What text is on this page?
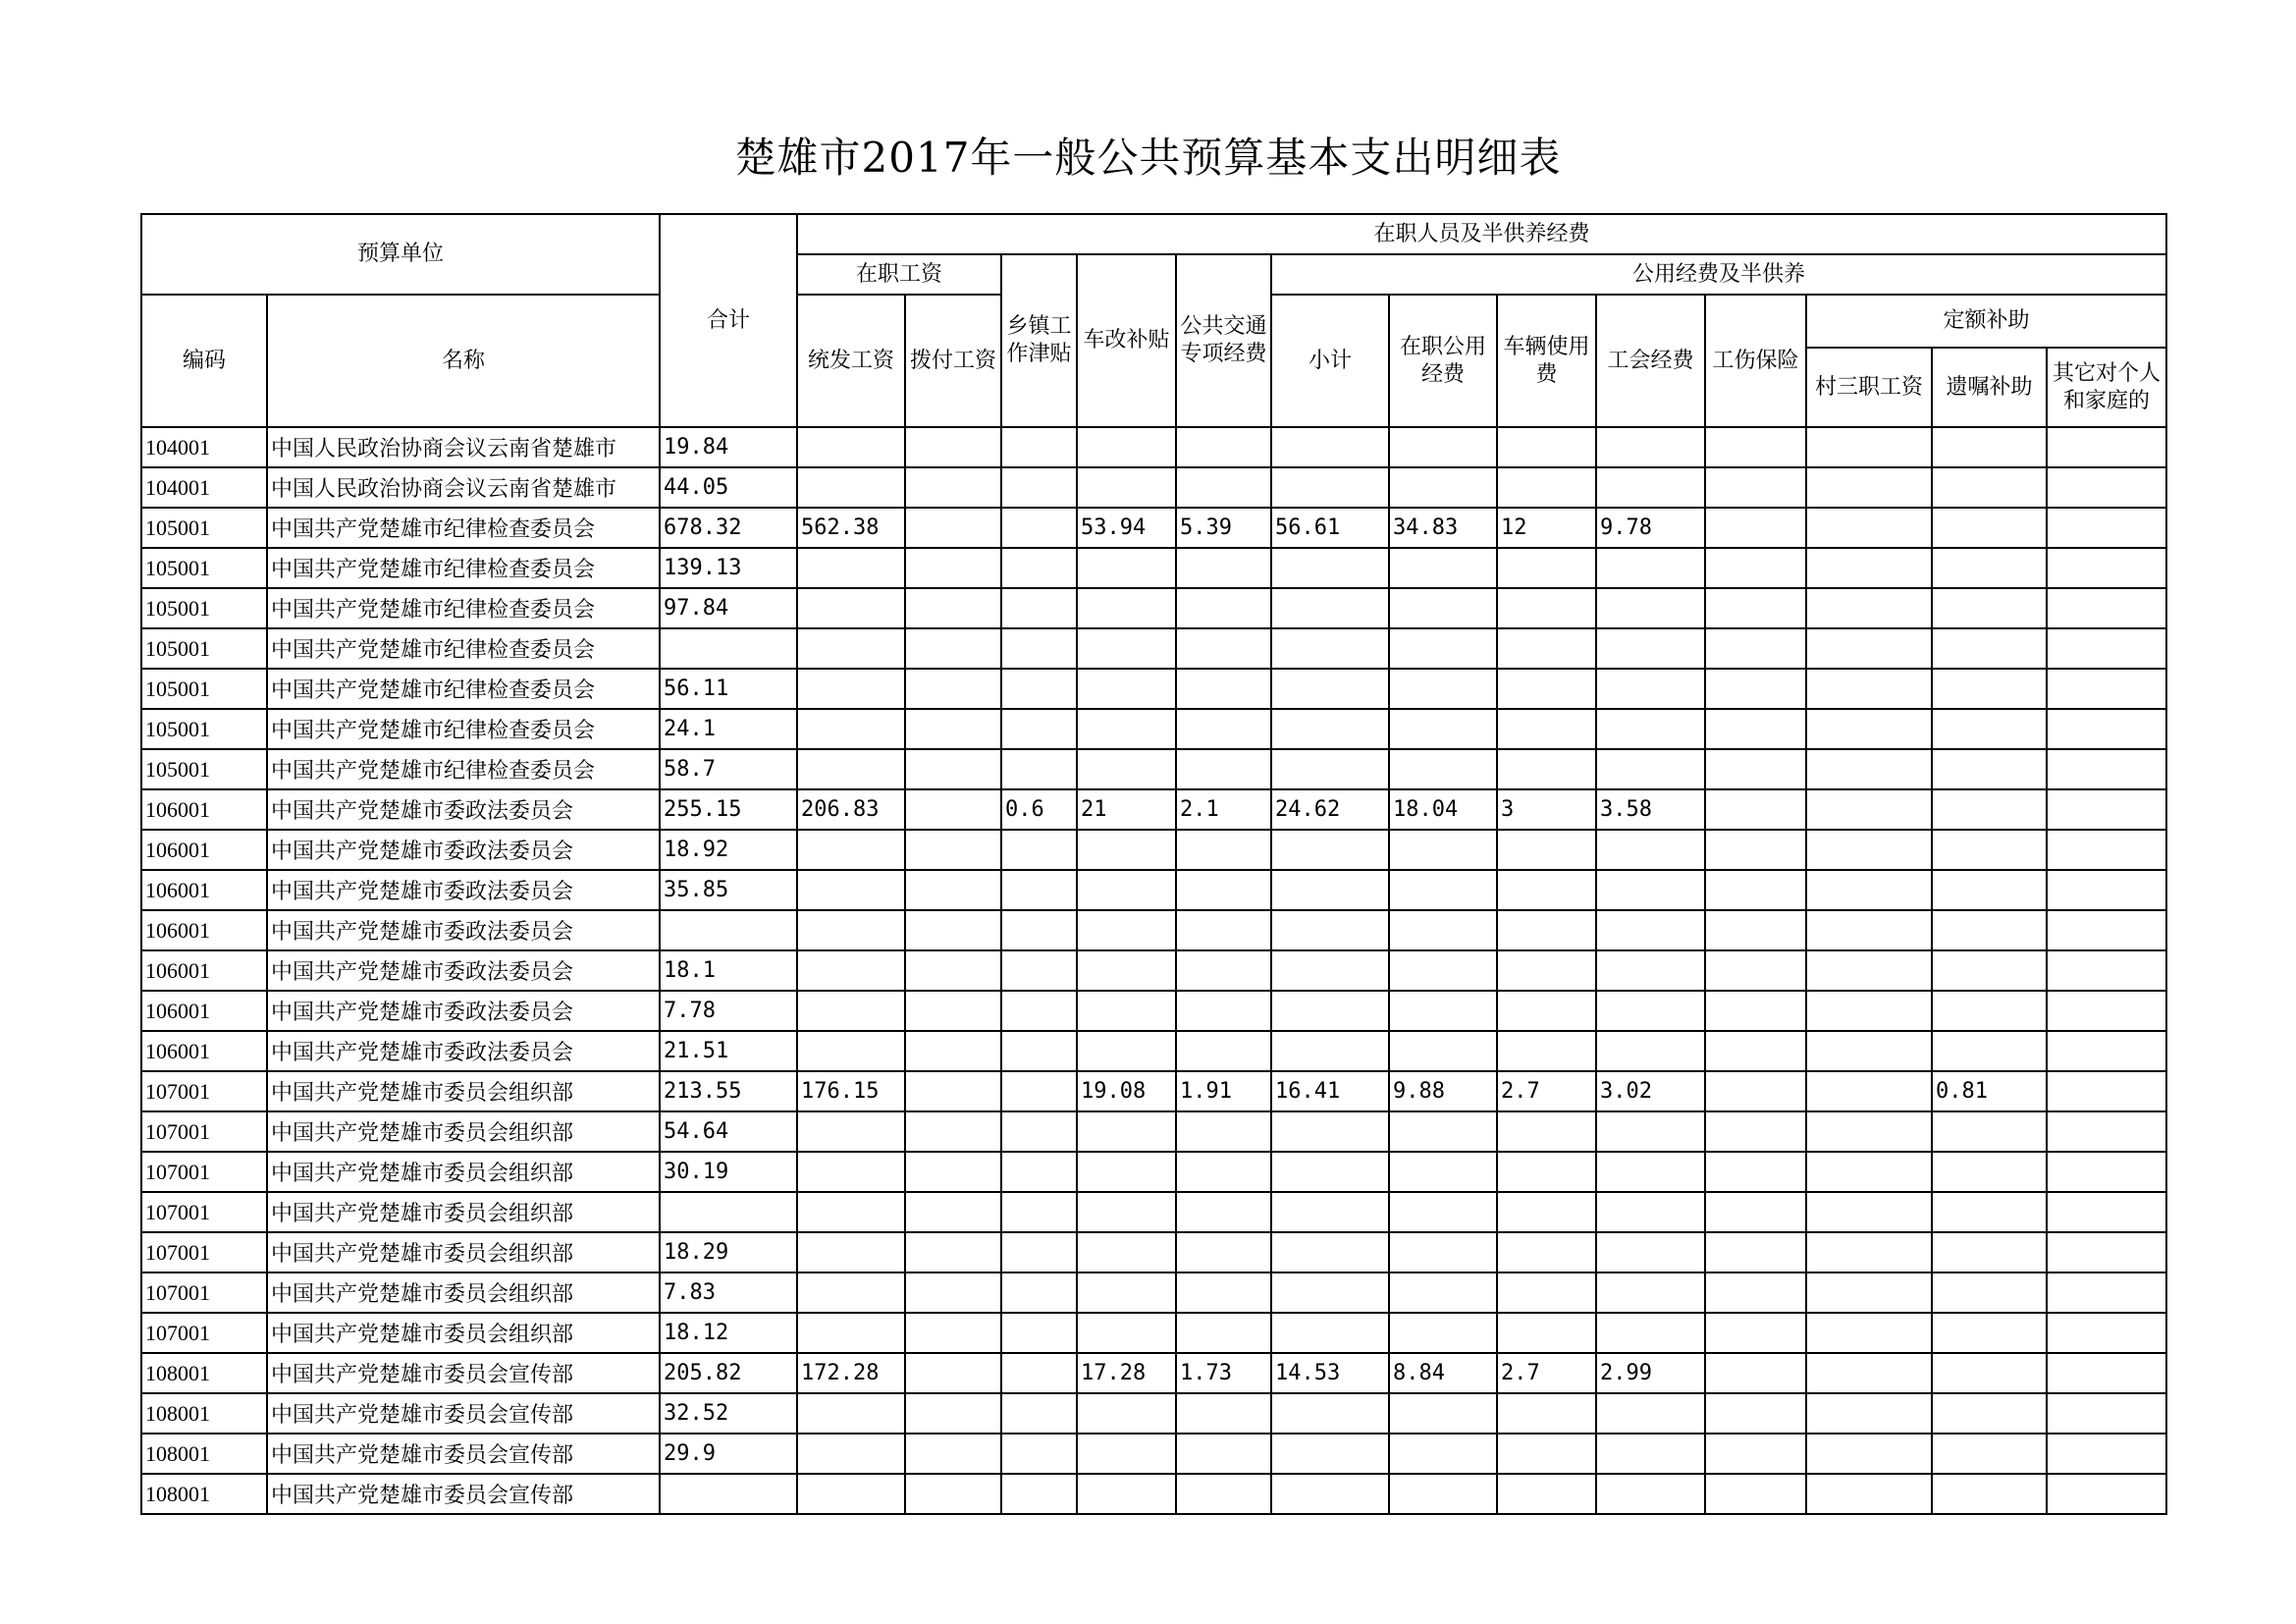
楚雄市2017年一般公共预算基本支出明细表
预算单位		合计	在职人员及半供养经费												
			在职工资		乡镇工作津贴	车改补贴	公共交通专项经费	公用经费及半供养							
编码	名称		统发工资	拨付工资				小计	在职公用经费	车辆使用费	工会经费	工伤保险	定额补助		
													村三职工资	遗嘱补助	其它对个人和家庭的
104001	中国人民政治协商会议云南省楚雄市	19.84													
104001	中国人民政治协商会议云南省楚雄市	44.05													
105001	中国共产党楚雄市纪律检查委员会	678.32	562.38			53.94	5.39	56.61	34.83	12	9.78				
105001	中国共产党楚雄市纪律检查委员会	139.13													
105001	中国共产党楚雄市纪律检查委员会	97.84													
105001	中国共产党楚雄市纪律检查委员会														
105001	中国共产党楚雄市纪律检查委员会	56.11													
105001	中国共产党楚雄市纪律检查委员会	24.1													
105001	中国共产党楚雄市纪律检查委员会	58.7													
106001	中国共产党楚雄市委政法委员会	255.15	206.83		0.6	21	2.1	24.62	18.04	3	3.58				
106001	中国共产党楚雄市委政法委员会	18.92													
106001	中国共产党楚雄市委政法委员会	35.85													
106001	中国共产党楚雄市委政法委员会														
106001	中国共产党楚雄市委政法委员会	18.1													
106001	中国共产党楚雄市委政法委员会	7.78													
106001	中国共产党楚雄市委政法委员会	21.51													
107001	中国共产党楚雄市委员会组织部	213.55	176.15			19.08	1.91	16.41	9.88	2.7	3.02			0.81	
107001	中国共产党楚雄市委员会组织部	54.64													
107001	中国共产党楚雄市委员会组织部	30.19													
107001	中国共产党楚雄市委员会组织部														
107001	中国共产党楚雄市委员会组织部	18.29													
107001	中国共产党楚雄市委员会组织部	7.83													
107001	中国共产党楚雄市委员会组织部	18.12													
108001	中国共产党楚雄市委员会宣传部	205.82	172.28			17.28	1.73	14.53	8.84	2.7	2.99				
108001	中国共产党楚雄市委员会宣传部	32.52													
108001	中国共产党楚雄市委员会宣传部	29.9													
108001	中国共产党楚雄市委员会宣传部														
